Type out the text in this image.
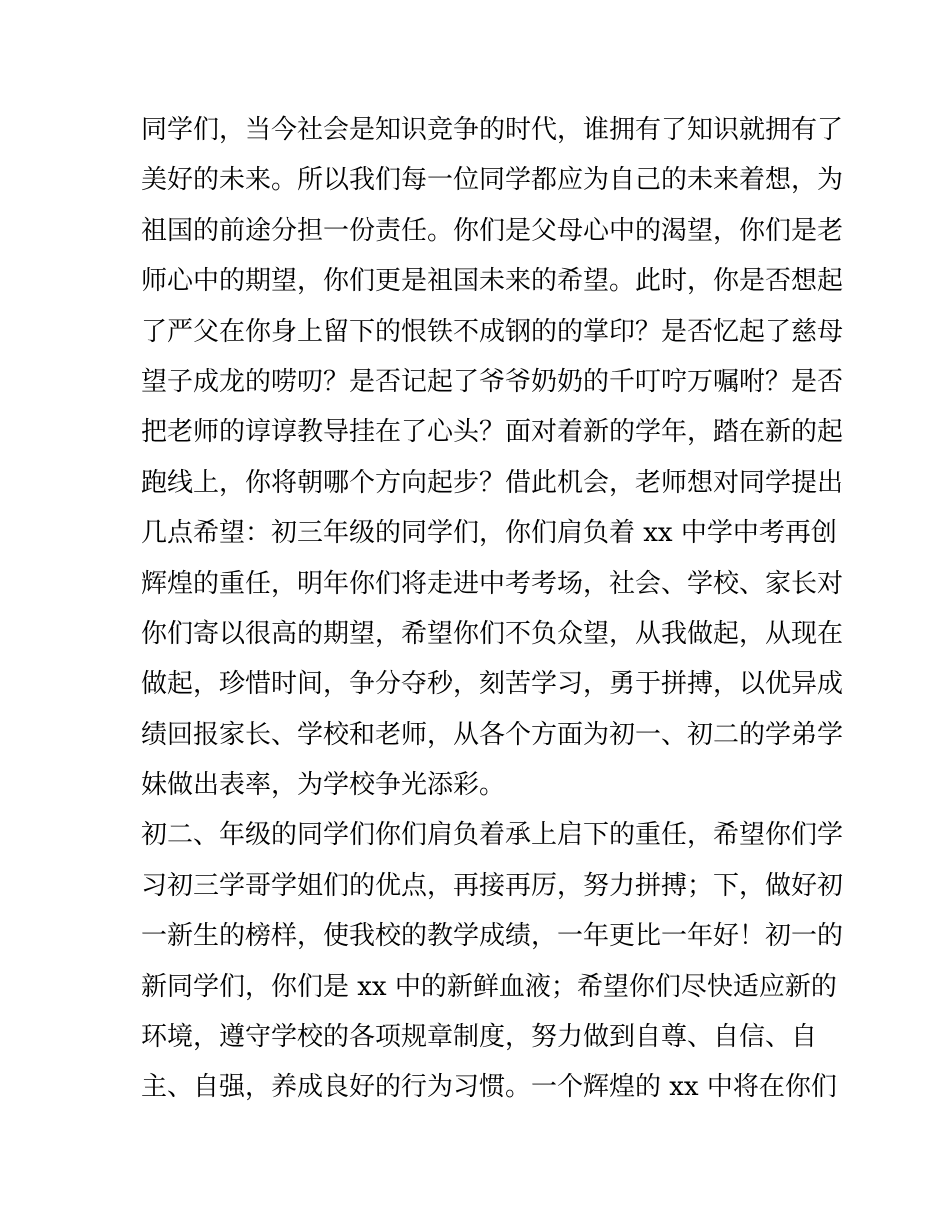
同学们，当今社会是知识竞争的时代，谁拥有了知识就拥有了
美好的未来。所以我们每一位同学都应为自己的未来着想，为
祖国的前途分担一份责任。你们是父母心中的渴望，你们是老
师心中的期望，你们更是祖国未来的希望。此时，你是否想起
了严父在你身上留下的恨铁不成钢的的掌印？是否忆起了慈母
望子成龙的唠叨？是否记起了爷爷奶奶的千叮咛万嘱咐？是否
把老师的谆谆教导挂在了心头？面对着新的学年，踏在新的起
跑线上，你将朝哪个方向起步？借此机会，老师想对同学提出
几点希望：初三年级的同学们，你们肩负着 xx 中学中考再创
辉煌的重任，明年你们将走进中考考场，社会、学校、家长对
你们寄以很高的期望，希望你们不负众望，从我做起，从现在
做起，珍惜时间，争分夺秒，刻苦学习，勇于拼搏，以优异成
绩回报家长、学校和老师，从各个方面为初一、初二的学弟学
妹做出表率，为学校争光添彩。
初二、年级的同学们你们肩负着承上启下的重任，希望你们学
习初三学哥学姐们的优点，再接再厉，努力拼搏；下，做好初
一新生的榜样，使我校的教学成绩，一年更比一年好！初一的
新同学们，你们是 xx 中的新鲜血液；希望你们尽快适应新的
环境，遵守学校的各项规章制度，努力做到自尊、自信、自
主、自强，养成良好的行为习惯。一个辉煌的 xx 中将在你们
